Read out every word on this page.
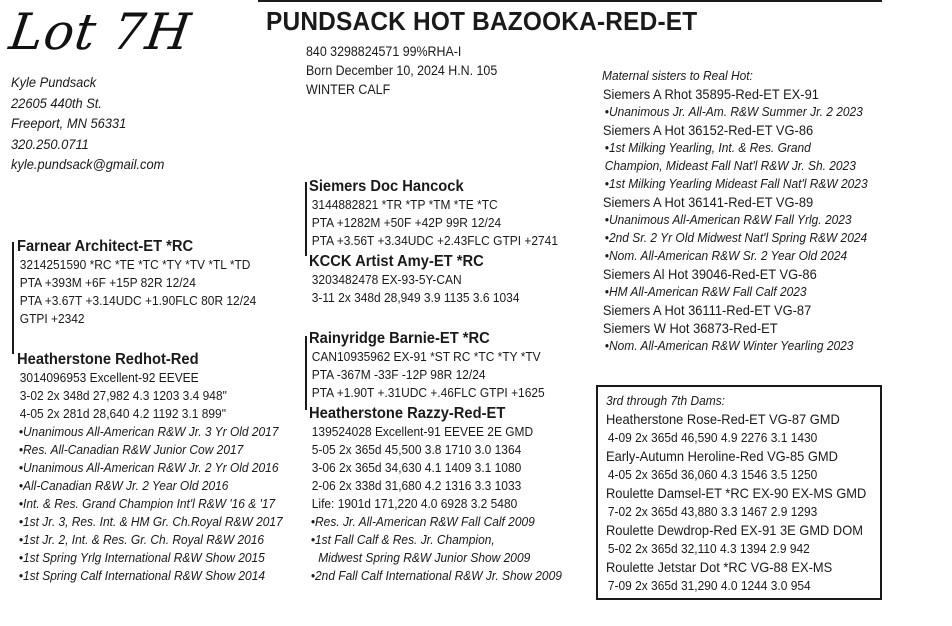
Lot 7H	PUNDSACK HOT BAZOOKA-RED-ET
Kyle Pundsack
22605 440th St.
Freeport, MN 56331
320.250.0711
kyle.pundsack@gmail.com
840 3298824571 99%RHA-I
Born December 10, 2024 H.N. 105
WINTER CALF
Farnear Architect-ET *RC
3214251590 *RC *TE *TC *TY *TV *TL *TD
PTA +393M +6F +15P 82R 12/24
PTA +3.67T +3.14UDC +1.90FLC 80R 12/24
GTPI +2342
Heatherstone Redhot-Red
3014096953 Excellent-92 EEVEE
3-02 2x 348d 27,982 4.3 1203 3.4 948"
4-05 2x 281d 28,640 4.2 1192 3.1 899"
•Unanimous All-American R&W Jr. 3 Yr Old 2017
•Res. All-Canadian R&W Junior Cow 2017
•Unanimous All-American R&W Jr. 2 Yr Old 2016
•All-Canadian R&W Jr. 2 Year Old 2016
•Int. & Res. Grand Champion Int'l R&W '16 & '17
•1st Jr. 3, Res. Int. & HM Gr. Ch.Royal R&W 2017
•1st Jr. 2, Int. & Res. Gr. Ch. Royal R&W 2016
•1st Spring Yrlg International R&W Show 2015
•1st Spring Calf International R&W Show 2014
Siemers Doc Hancock
3144882821 *TR *TP *TM *TE *TC
PTA +1282M +50F +42P 99R 12/24
PTA +3.56T +3.34UDC +2.43FLC GTPI +2741
KCCK Artist Amy-ET *RC
3203482478 EX-93-5Y-CAN
3-11 2x 348d 28,949 3.9 1135 3.6 1034
Rainyridge Barnie-ET *RC
CAN10935962 EX-91 *ST RC *TC *TY *TV
PTA -367M -33F -12P 98R 12/24
PTA +1.90T +.31UDC +.46FLC GTPI +1625
Heatherstone Razzy-Red-ET
139524028 Excellent-91 EEVEE 2E GMD
5-05 2x 365d 45,500 3.8 1710 3.0 1364
3-06 2x 365d 34,630 4.1 1409 3.1 1080
2-06 2x 338d 31,680 4.2 1316 3.3 1033
Life: 1901d 171,220 4.0 6928 3.2 5480
•Res. Jr. All-American R&W Fall Calf 2009
•1st Fall Calf & Res. Jr. Champion,
Midwest Spring R&W Junior Show 2009
•2nd Fall Calf International R&W Jr. Show 2009
Maternal sisters to Real Hot:
Siemers A Rhot 35895-Red-ET EX-91
•Unanimous Jr. All-Am. R&W Summer Jr. 2 2023
Siemers A Hot 36152-Red-ET VG-86
•1st Milking Yearling, Int. & Res. Grand
Champion, Mideast Fall Nat'l R&W Jr. Sh. 2023
•1st Milking Yearling Mideast Fall Nat'l R&W 2023
Siemers A Hot 36141-Red-ET VG-89
•Unanimous All-American R&W Fall Yrlg. 2023
•2nd Sr. 2 Yr Old Midwest Nat'l Spring R&W 2024
•Nom. All-American R&W Sr. 2 Year Old 2024
Siemers Al Hot 39046-Red-ET VG-86
•HM All-American R&W Fall Calf 2023
Siemers A Hot 36111-Red-ET VG-87
Siemers W Hot 36873-Red-ET
•Nom. All-American R&W Winter Yearling 2023
3rd through 7th Dams:
Heatherstone Rose-Red-ET VG-87 GMD
4-09 2x 365d 46,590 4.9 2276 3.1 1430
Early-Autumn Heroline-Red VG-85 GMD
4-05 2x 365d 36,060 4.3 1546 3.5 1250
Roulette Damsel-ET *RC EX-90 EX-MS GMD
7-02 2x 365d 43,880 3.3 1467 2.9 1293
Roulette Dewdrop-Red EX-91 3E GMD DOM
5-02 2x 365d 32,110 4.3 1394 2.9 942
Roulette Jetstar Dot *RC VG-88 EX-MS
7-09 2x 365d 31,290 4.0 1244 3.0 954
